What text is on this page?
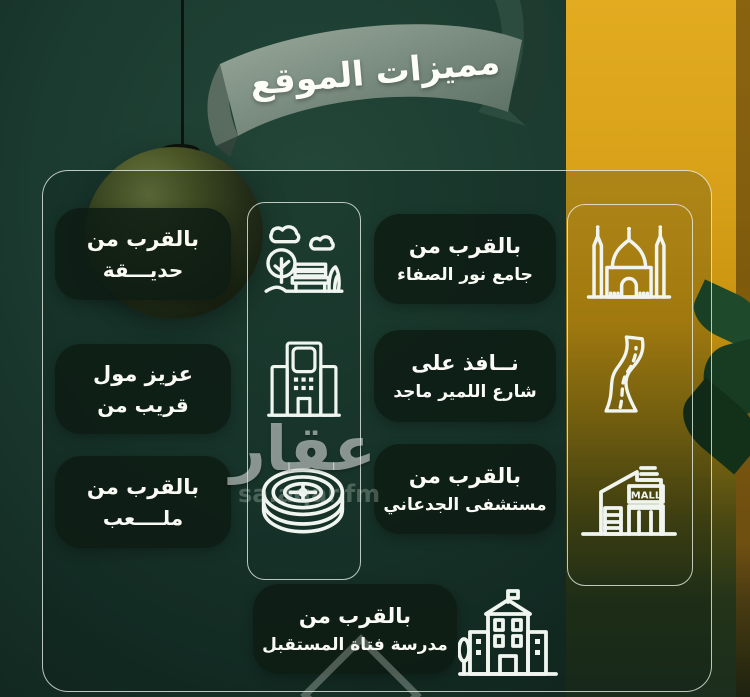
مميزات الموقع
بالقرب من
حديـــقة
عزيز مول
قريب من
بالقرب من
ملــــعب
بالقرب من
جامع نور الصفاء
نــافذ على
شارع اللمير ماجد
بالقرب من
مستشفى الجدعاني
بالقرب من
مدرسة فتاة المستقبل
MALL
عقار
sa.aqar.fm
